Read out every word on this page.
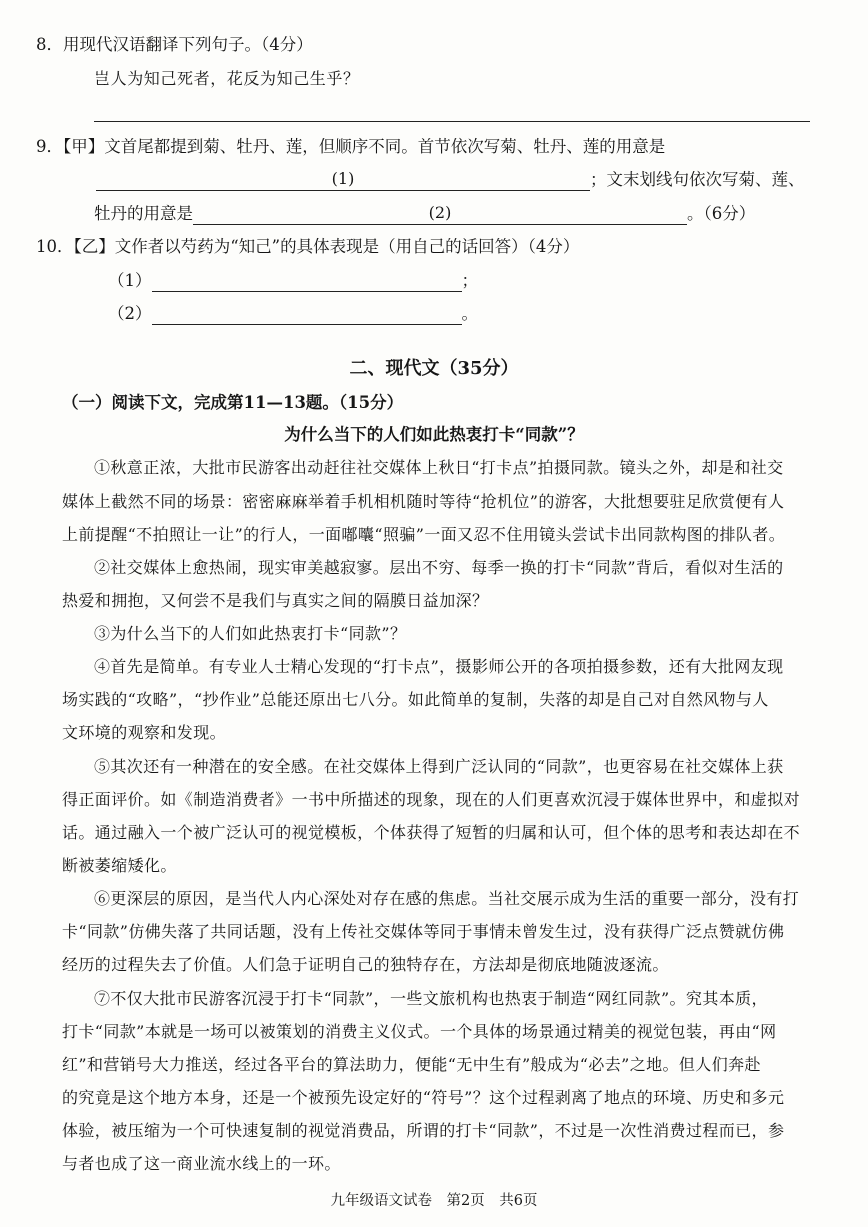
8．用现代汉语翻译下列句子。（4分）
岂人为知己死者，花反为知己生乎？
9．【甲】文首尾都提到菊、牡丹、莲，但顺序不同。首节依次写菊、牡丹、莲的用意是
(1)	；文末划线句依次写菊、莲、
牡丹的用意是	(2)	。（6分）
10．【乙】文作者以芍药为“知己”的具体表现是（用自己的话回答）（4分）
（1）	；
（2）	。
二、现代文（35分）
（一）阅读下文，完成第11—13题。（15分）
为什么当下的人们如此热衷打卡“同款”？
①秋意正浓，大批市民游客出动赶往社交媒体上秋日“打卡点”拍摄同款。镜头之外，却是和社交
媒体上截然不同的场景：密密麻麻举着手机相机随时等待“抢机位”的游客，大批想要驻足欣赏便有人
上前提醒“不拍照让一让”的行人，一面嘟囔“照骗”一面又忍不住用镜头尝试卡出同款构图的排队者。
②社交媒体上愈热闹，现实审美越寂寥。层出不穷、每季一换的打卡“同款”背后，看似对生活的
热爱和拥抱，又何尝不是我们与真实之间的隔膜日益加深？
③为什么当下的人们如此热衷打卡“同款”？
④首先是简单。有专业人士精心发现的“打卡点”，摄影师公开的各项拍摄参数，还有大批网友现
场实践的“攻略”，“抄作业”总能还原出七八分。如此简单的复制，失落的却是自己对自然风物与人
文环境的观察和发现。
⑤其次还有一种潜在的安全感。在社交媒体上得到广泛认同的“同款”，也更容易在社交媒体上获
得正面评价。如《制造消费者》一书中所描述的现象，现在的人们更喜欢沉浸于媒体世界中，和虚拟对
话。通过融入一个被广泛认可的视觉模板，个体获得了短暂的归属和认可，但个体的思考和表达却在不
断被萎缩矮化。
⑥更深层的原因，是当代人内心深处对存在感的焦虑。当社交展示成为生活的重要一部分，没有打
卡“同款”仿佛失落了共同话题，没有上传社交媒体等同于事情未曾发生过，没有获得广泛点赞就仿佛
经历的过程失去了价值。人们急于证明自己的独特存在，方法却是彻底地随波逐流。
⑦不仅大批市民游客沉浸于打卡“同款”，一些文旅机构也热衷于制造“网红同款”。究其本质，
打卡“同款”本就是一场可以被策划的消费主义仪式。一个具体的场景通过精美的视觉包装，再由“网
红”和营销号大力推送，经过各平台的算法助力，便能“无中生有”般成为“必去”之地。但人们奔赴
的究竟是这个地方本身，还是一个被预先设定好的“符号”？这个过程剥离了地点的环境、历史和多元
体验，被压缩为一个可快速复制的视觉消费品，所谓的打卡“同款”，不过是一次性消费过程而已，参
与者也成了这一商业流水线上的一环。
九年级语文试卷　第2页　共6页
